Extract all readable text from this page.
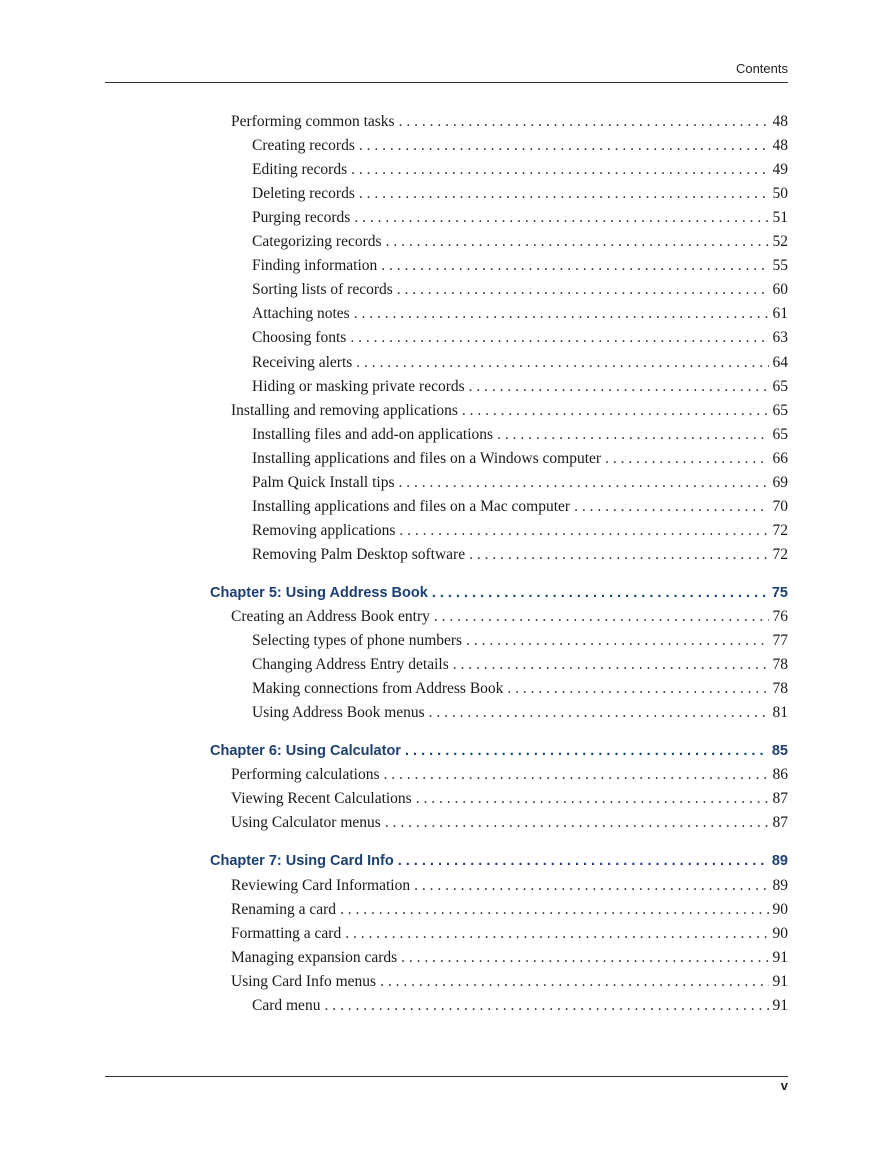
Contents
Performing common tasks . . .	48
Creating records . . .	48
Editing records . . .	49
Deleting records . . .	50
Purging records . . .	51
Categorizing records . . .	52
Finding information . . .	55
Sorting lists of records . . .	60
Attaching notes . . .	61
Choosing fonts . . .	63
Receiving alerts . . .	64
Hiding or masking private records . . .	65
Installing and removing applications . . .	65
Installing files and add-on applications . . .	65
Installing applications and files on a Windows computer . . .	66
Palm Quick Install tips . . .	69
Installing applications and files on a Mac computer . . .	70
Removing applications . . .	72
Removing Palm Desktop software . . .	72
Chapter 5: Using Address Book . . .	75
Creating an Address Book entry . . .	76
Selecting types of phone numbers . . .	77
Changing Address Entry details . . .	78
Making connections from Address Book . . .	78
Using Address Book menus . . .	81
Chapter 6: Using Calculator . . .	85
Performing calculations . . .	86
Viewing Recent Calculations . . .	87
Using Calculator menus . . .	87
Chapter 7: Using Card Info . . .	89
Reviewing Card Information . . .	89
Renaming a card . . .	90
Formatting a card . . .	90
Managing expansion cards . . .	91
Using Card Info menus . . .	91
Card menu . . .	91
v
